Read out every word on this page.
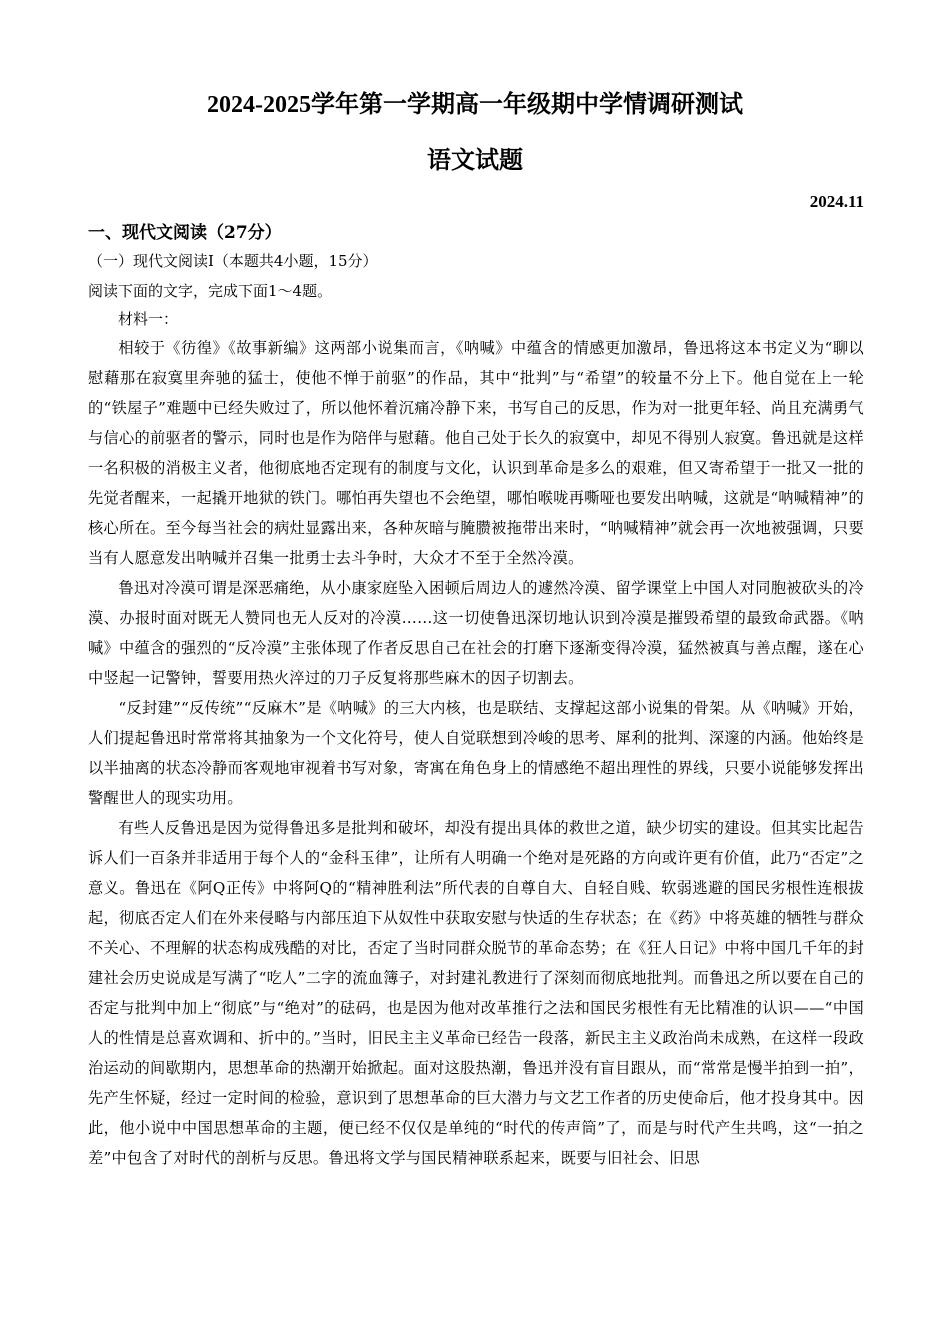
2024-2025学年第一学期高一年级期中学情调研测试
语文试题
2024.11
一、现代文阅读（27分）
（一）现代文阅读Ⅰ（本题共4小题，15分）
阅读下面的文字，完成下面1～4题。
材料一：

相较于《彷徨》《故事新编》这两部小说集而言，《呐喊》中蕴含的情感更加激昂，鲁迅将这本书定义为“聊以慰藉那在寂寞里奔驰的猛士，使他不惮于前驱”的作品，其中“批判”与“希望”的较量不分上下。他自觉在上一轮的“铁屋子”难题中已经失败过了，所以他怀着沉痛冷静下来，书写自己的反思，作为对一批更年轻、尚且充满勇气与信心的前驱者的警示，同时也是作为陪伴与慰藉。他自己处于长久的寂寞中，却见不得别人寂寞。鲁迅就是这样一名积极的消极主义者，他彻底地否定现有的制度与文化，认识到革命是多么的艰难，但又寄希望于一批又一批的先觉者醒来，一起撬开地狱的铁门。哪怕再失望也不会绝望，哪怕喉咙再嘶哑也要发出呐喊，这就是“呐喊精神”的核心所在。至今每当社会的病灶显露出来，各种灰暗与腌臜被拖带出来时，“呐喊精神”就会再一次地被强调，只要当有人愿意发出呐喊并召集一批勇士去斗争时，大众才不至于全然冷漠。

鲁迅对冷漠可谓是深恶痛绝，从小康家庭坠入困顿后周边人的遽然冷漠、留学课堂上中国人对同胞被砍头的冷漠、办报时面对既无人赞同也无人反对的冷漠……这一切使鲁迅深切地认识到冷漠是摧毁希望的最致命武器。《呐喊》中蕴含的强烈的“反冷漠”主张体现了作者反思自己在社会的打磨下逐渐变得冷漠，猛然被真与善点醒，遂在心中竖起一记警钟，誓要用热火淬过的刀子反复将那些麻木的因子切割去。

“反封建”“反传统”“反麻木”是《呐喊》的三大内核，也是联结、支撑起这部小说集的骨架。从《呐喊》开始，人们提起鲁迅时常常将其抽象为一个文化符号，使人自觉联想到冷峻的思考、犀利的批判、深邃的内涵。他始终是以半抽离的状态冷静而客观地审视着书写对象，寄寓在角色身上的情感绝不超出理性的界线，只要小说能够发挥出警醒世人的现实功用。

有些人反鲁迅是因为觉得鲁迅多是批判和破坏，却没有提出具体的救世之道，缺少切实的建设。但其实比起告诉人们一百条并非适用于每个人的“金科玉律”，让所有人明确一个绝对是死路的方向或许更有价值，此乃“否定”之意义。鲁迅在《阿Q正传》中将阿Q的“精神胜利法”所代表的自尊自大、自轻自贱、软弱逃避的国民劣根性连根拔起，彻底否定人们在外来侵略与内部压迫下从奴性中获取安慰与快适的生存状态；在《药》中将英雄的牺牲与群众不关心、不理解的状态构成残酷的对比，否定了当时同群众脱节的革命态势；在《狂人日记》中将中国几千年的封建社会历史说成是写满了“吃人”二字的流血簿子，对封建礼教进行了深刻而彻底地批判。而鲁迅之所以要在自己的否定与批判中加上“彻底”与“绝对”的砝码，也是因为他对改革推行之法和国民劣根性有无比精准的认识——“中国人的性情是总喜欢调和、折中的。”当时，旧民主主义革命已经告一段落，新民主主义政治尚未成熟，在这样一段政治运动的间歇期内，思想革命的热潮开始掀起。面对这股热潮，鲁迅并没有盲目跟从，而“常常是慢半拍到一拍”，先产生怀疑，经过一定时间的检验，意识到了思想革命的巨大潜力与文艺工作者的历史使命后，他才投身其中。因此，他小说中中国思想革命的主题，便已经不仅仅是单纯的“时代的传声筒”了，而是与时代产生共鸣，这“一拍之差”中包含了对时代的剖析与反思。鲁迅将文学与国民精神联系起来，既要与旧社会、旧思
